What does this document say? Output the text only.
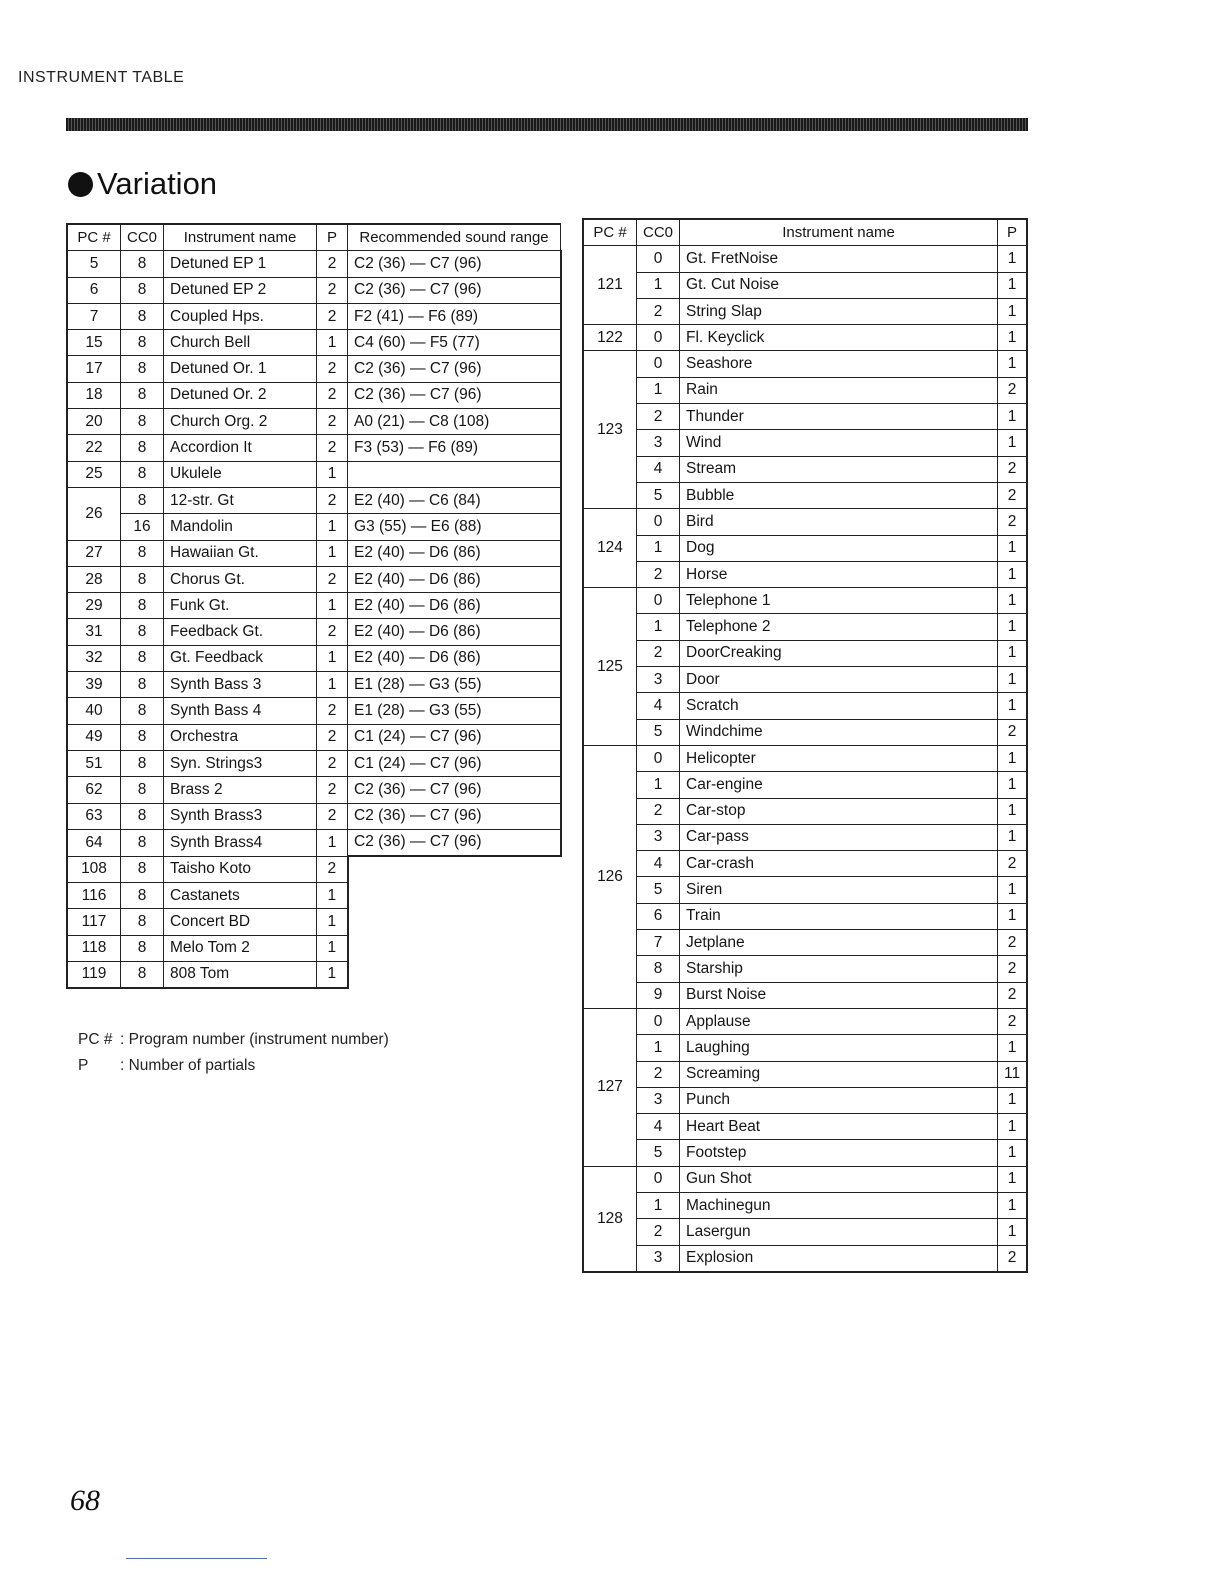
INSTRUMENT TABLE
Variation
PC #	CC0	Instrument name	P	Recommended sound range
5	8	Detuned EP 1	2	C2 (36) — C7 (96)
6	8	Detuned EP 2	2	C2 (36) — C7 (96)
7	8	Coupled Hps.	2	F2 (41) — F6 (89)
15	8	Church Bell	1	C4 (60) — F5 (77)
17	8	Detuned Or. 1	2	C2 (36) — C7 (96)
18	8	Detuned Or. 2	2	C2 (36) — C7 (96)
20	8	Church Org. 2	2	A0 (21) — C8 (108)
22	8	Accordion It	2	F3 (53) — F6 (89)
25	8	Ukulele	1	
26	8	12-str. Gt	2	E2 (40) — C6 (84)
	16	Mandolin	1	G3 (55) — E6 (88)
27	8	Hawaiian Gt.	1	E2 (40) — D6 (86)
28	8	Chorus Gt.	2	E2 (40) — D6 (86)
29	8	Funk Gt.	1	E2 (40) — D6 (86)
31	8	Feedback Gt.	2	E2 (40) — D6 (86)
32	8	Gt. Feedback	1	E2 (40) — D6 (86)
39	8	Synth Bass 3	1	E1 (28) — G3 (55)
40	8	Synth Bass 4	2	E1 (28) — G3 (55)
49	8	Orchestra	2	C1 (24) — C7 (96)
51	8	Syn. Strings3	2	C1 (24) — C7 (96)
62	8	Brass 2	2	C2 (36) — C7 (96)
63	8	Synth Brass3	2	C2 (36) — C7 (96)
64	8	Synth Brass4	1	C2 (36) — C7 (96)
108	8	Taisho Koto	2	
116	8	Castanets	1	
117	8	Concert BD	1	
118	8	Melo Tom 2	1	
119	8	808 Tom	1	
PC #	CC0	Instrument name	P
121	0	Gt. FretNoise	1
	1	Gt. Cut Noise	1
	2	String Slap	1
122	0	Fl. Keyclick	1
123	0	Seashore	1
	1	Rain	2
	2	Thunder	1
	3	Wind	1
	4	Stream	2
	5	Bubble	2
124	0	Bird	2
	1	Dog	1
	2	Horse	1
125	0	Telephone 1	1
	1	Telephone 2	1
	2	DoorCreaking	1
	3	Door	1
	4	Scratch	1
	5	Windchime	2
126	0	Helicopter	1
	1	Car-engine	1
	2	Car-stop	1
	3	Car-pass	1
	4	Car-crash	2
	5	Siren	1
	6	Train	1
	7	Jetplane	2
	8	Starship	2
	9	Burst Noise	2
127	0	Applause	2
	1	Laughing	1
	2	Screaming	11
	3	Punch	1
	4	Heart Beat	1
	5	Footstep	1
128	0	Gun Shot	1
	1	Machinegun	1
	2	Lasergun	1
	3	Explosion	2
PC # : Program number (instrument number)
P : Number of partials
68
